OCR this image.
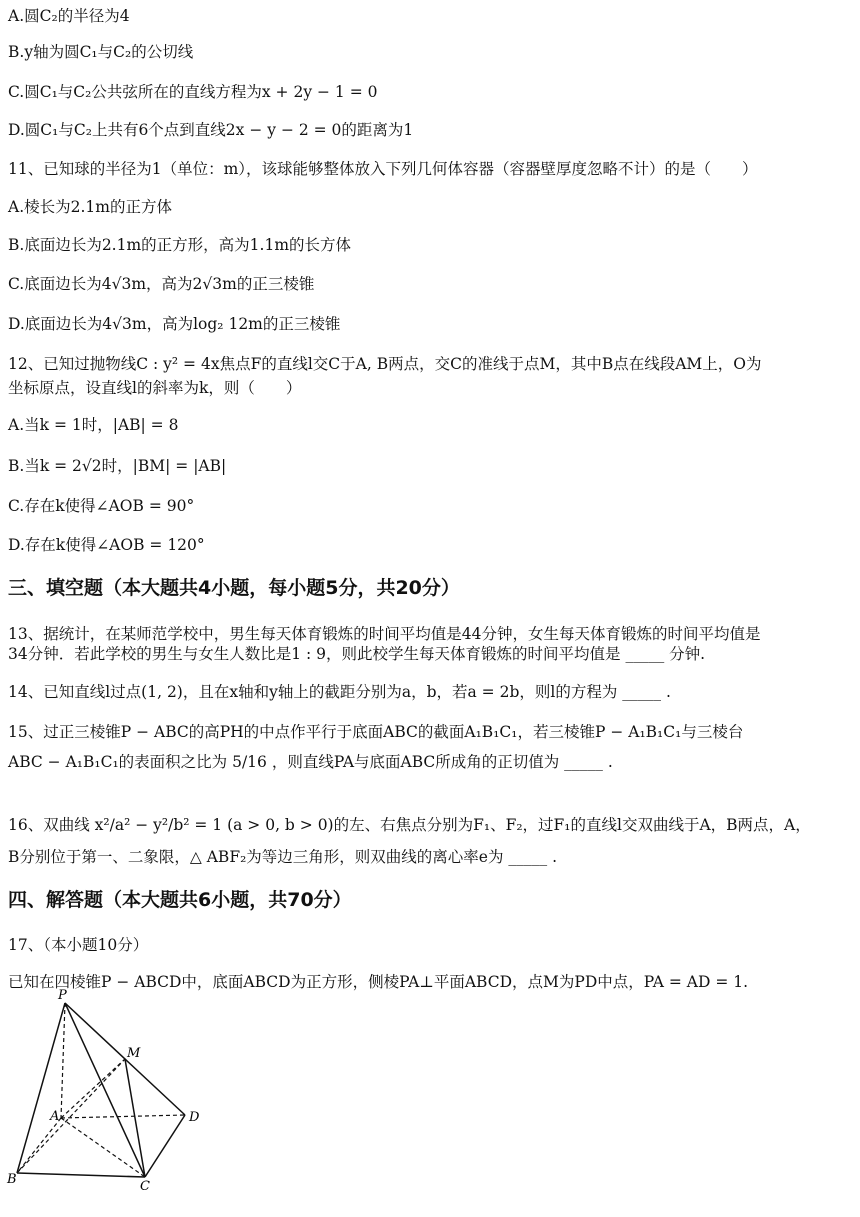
A.圆C₂的半径为4
B.y轴为圆C₁与C₂的公切线
C.圆C₁与C₂公共弦所在的直线方程为x + 2y − 1 = 0
D.圆C₁与C₂上共有6个点到直线2x − y − 2 = 0的距离为1
11、已知球的半径为1（单位：m），该球能够整体放入下列几何体容器（容器壁厚度忽略不计）的是（　　）
A.棱长为2.1m的正方体
B.底面边长为2.1m的正方形，高为1.1m的长方体
C.底面边长为4√3m，高为2√3m的正三棱锥
D.底面边长为4√3m，高为log₂ 12m的正三棱锥
12、已知过抛物线C : y² = 4x焦点F的直线l交C于A, B两点，交C的准线于点M，其中B点在线段AM上，O为
坐标原点，设直线l的斜率为k，则（　　）
A.当k = 1时，|AB| = 8
B.当k = 2√2时，|BM| = |AB|
C.存在k使得∠AOB = 90°
D.存在k使得∠AOB = 120°
13、据统计，在某师范学校中，男生每天体育锻炼的时间平均值是44分钟，女生每天体育锻炼的时间平均值是
34分钟．若此学校的男生与女生人数比是1 : 9，则此校学生每天体育锻炼的时间平均值是 _____ 分钟.
14、已知直线l过点(1, 2)，且在x轴和y轴上的截距分别为a，b，若a = 2b，则l的方程为 _____ .
15、过正三棱锥P − ABC的高PH的中点作平行于底面ABC的截面A₁B₁C₁，若三棱锥P − A₁B₁C₁与三棱台
ABC − A₁B₁C₁的表面积之比为 5/16 ，则直线PA与底面ABC所成角的正切值为 _____ .
16、双曲线 x²/a² − y²/b² = 1 (a > 0, b > 0)的左、右焦点分别为F₁、F₂，过F₁的直线l交双曲线于A，B两点，A，
B分别位于第一、二象限，△ ABF₂为等边三角形，则双曲线的离心率e为 _____ .
17、（本小题10分）
已知在四棱锥P − ABCD中，底面ABCD为正方形，侧棱PA⊥平面ABCD，点M为PD中点，PA = AD = 1.
三、填空题（本大题共4小题，每小题5分，共20分）
四、解答题（本大题共6小题，共70分）
P
M
A	D
B	C
